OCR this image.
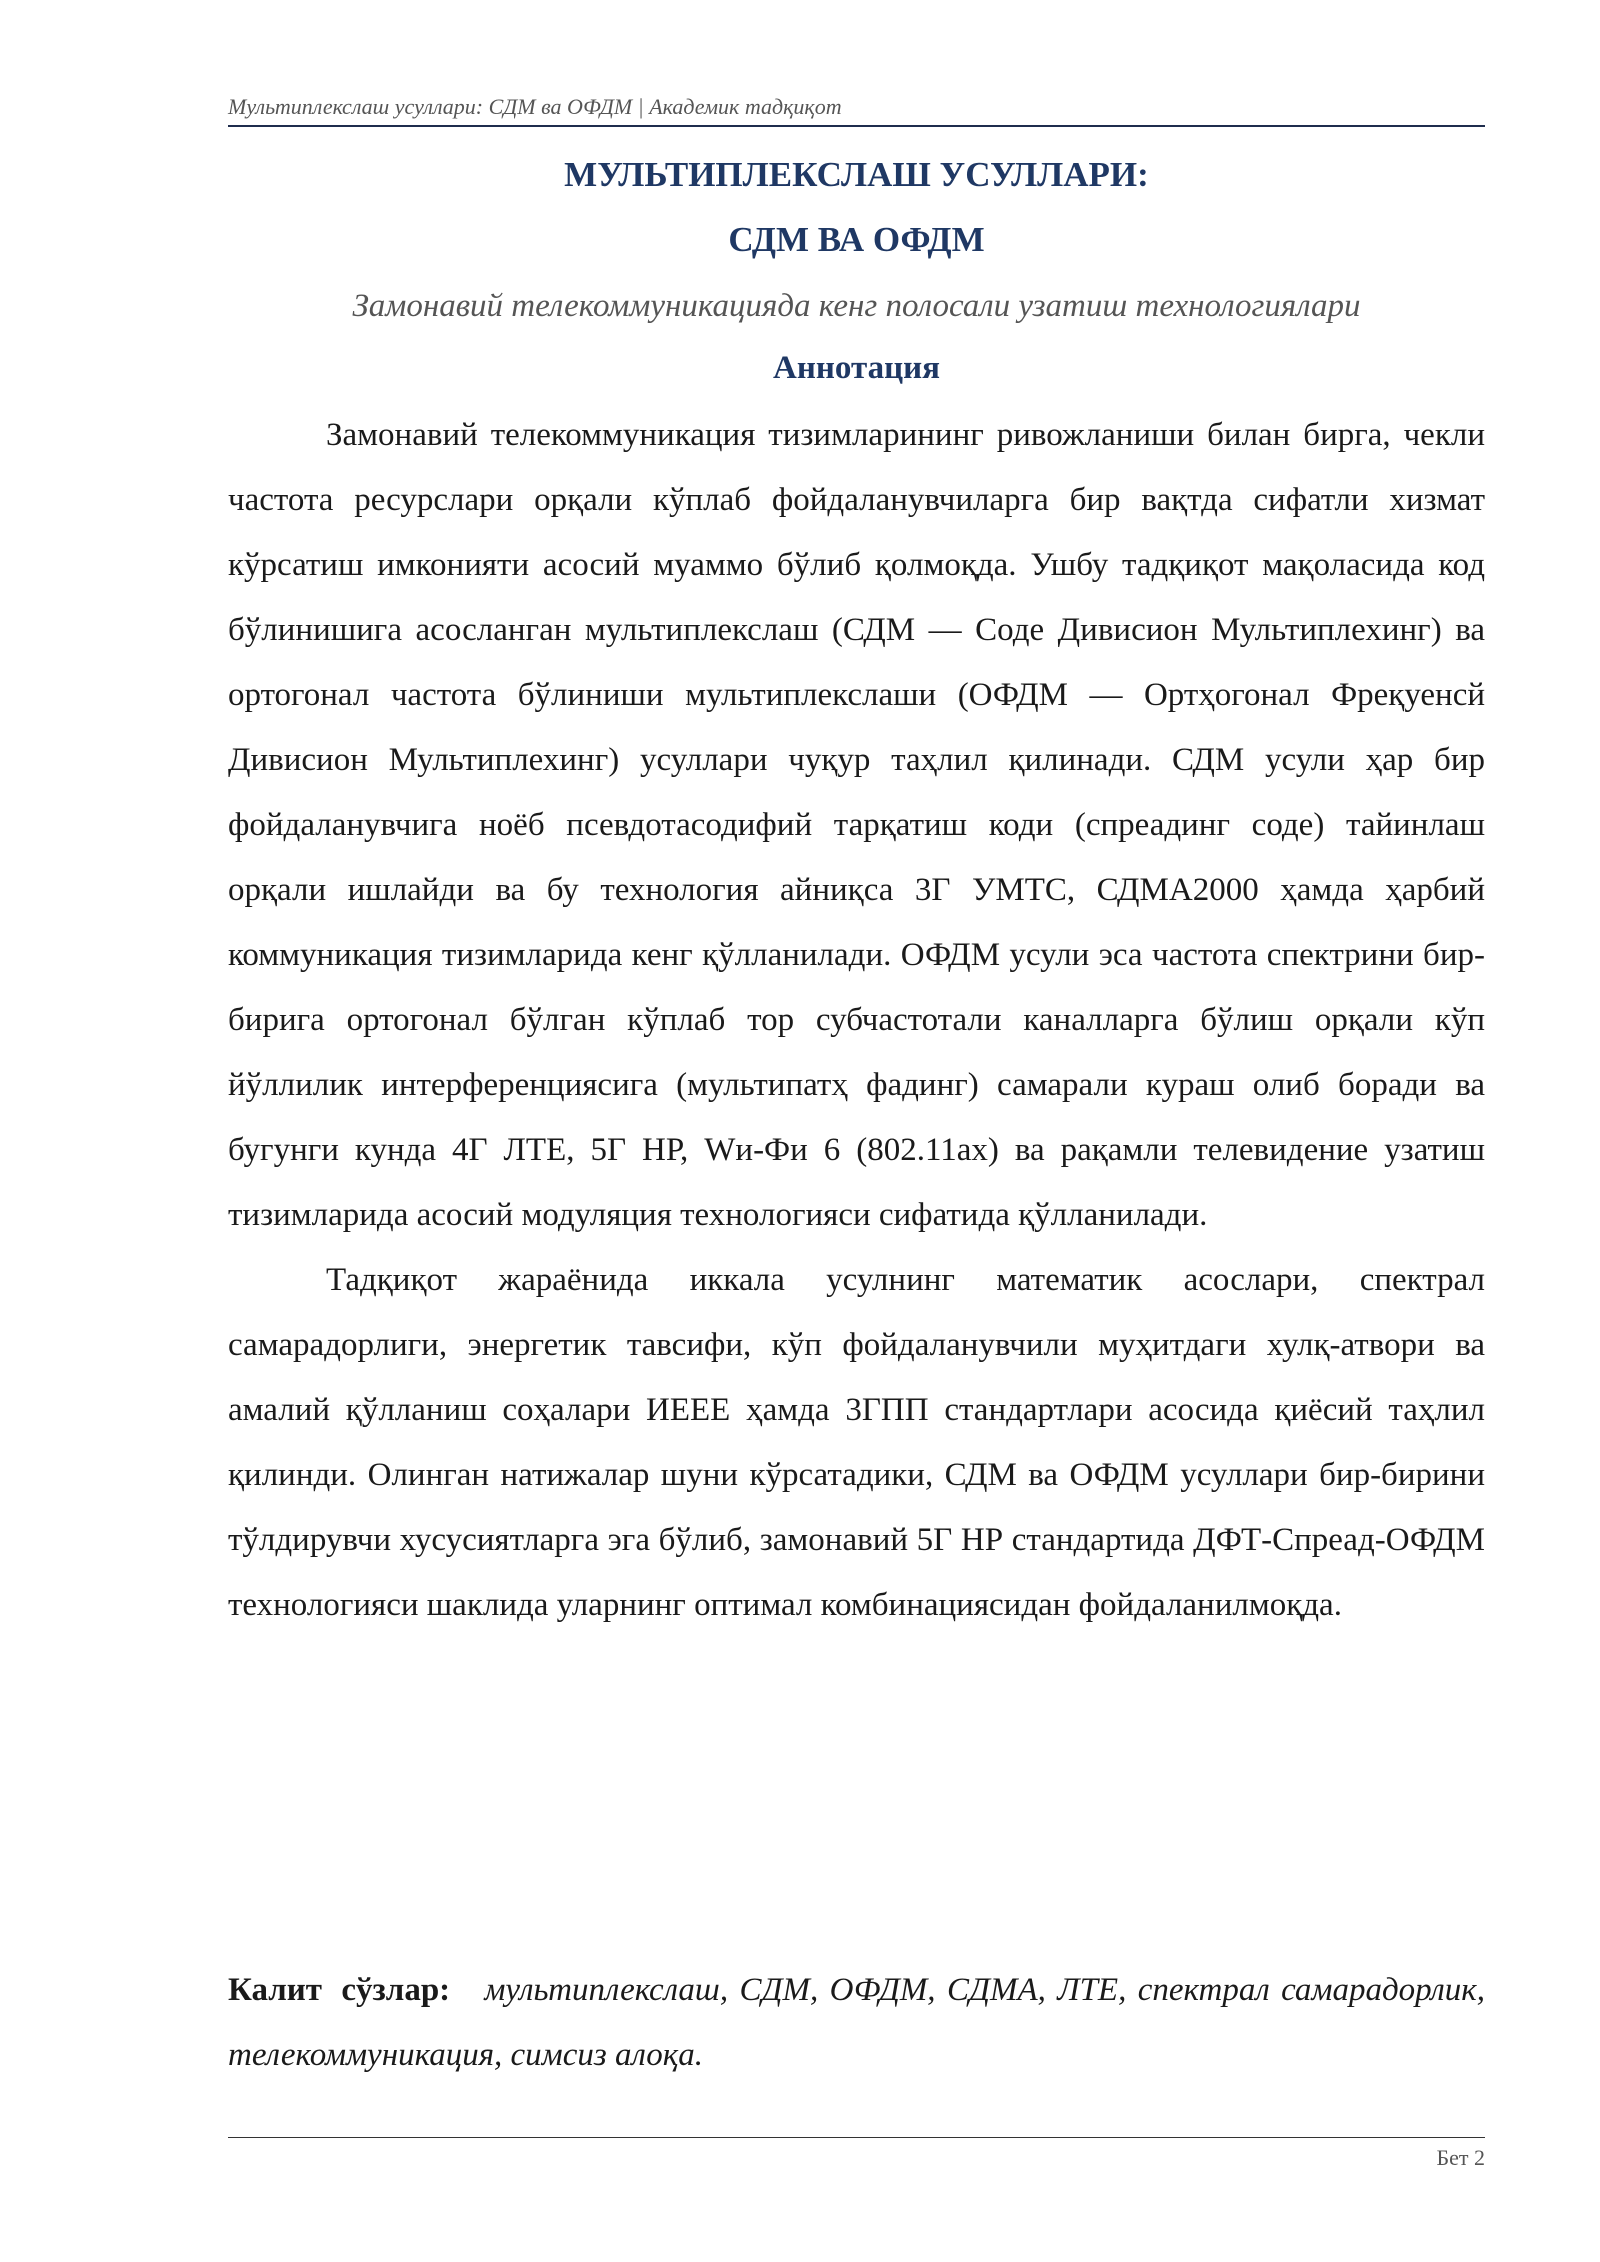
Мультиплекслаш усуллари: СДМ ва ОФДМ | Академик тадқиқот
МУЛЬТИПЛЕКСЛАШ УСУЛЛАРИ:
СДМ ВА ОФДМ
Замонавий телекоммуникацияда кенг полосали узатиш технологиялари
Аннотация

Замонавий телекоммуникация тизимларининг ривожланиши билан бирга, чекли частота ресурслари орқали кўплаб фойдаланувчиларга бир вақтда сифатли хизмат кўрсатиш имконияти асосий муаммо бўлиб қолмоқда. Ушбу тадқиқот мақоласида код бўлинишига асосланган мультиплекслаш (СДМ — Соде Дивисион Мультиплехинг) ва ортогонал частота бўлиниши мультиплекслаши (ОФДМ — Ортҳогонал Фреқуенсй Дивисион Мультиплехинг) усуллари чуқур таҳлил қилинади. СДМ усули ҳар бир фойдаланувчига ноёб псевдотасодифий тарқатиш коди (спреадинг соде) тайинлаш орқали ишлайди ва бу технология айниқса 3Г УМТС, СДМА2000 ҳамда ҳарбий коммуникация тизимларида кенг қўлланилади. ОФДМ усули эса частота спектрини бир-бирига ортогонал бўлган кўплаб тор субчастотали каналларга бўлиш орқали кўп йўллилик интерференциясига (мультипатҳ фадинг) самарали кураш олиб боради ва бугунги кунда 4Г ЛТЕ, 5Г НР, Wи-Фи 6 (802.11ах) ва рақамли телевидение узатиш тизимларида асосий модуляция технологияси сифатида қўлланилади.

Тадқиқот жараёнида иккала усулнинг математик асослари, спектрал самарадорлиги, энергетик тавсифи, кўп фойдаланувчили муҳитдаги хулқ-атвори ва амалий қўлланиш соҳалари ИЕЕЕ ҳамда 3ГПП стандартлари асосида қиёсий таҳлил қилинди. Олинган натижалар шуни кўрсатадики, СДМ ва ОФДМ усуллари бир-бирини тўлдирувчи хусусиятларга эга бўлиб, замонавий 5Г НР стандартида ДФТ-Спреад-ОФДМ технологияси шаклида уларнинг оптимал комбинациясидан фойдаланилмоқда.

Калит сўзлар: мультиплекслаш, СДМ, ОФДМ, СДМА, ЛТЕ, спектрал самарадорлик, телекоммуникация, симсиз алоқа.
Бет 2
